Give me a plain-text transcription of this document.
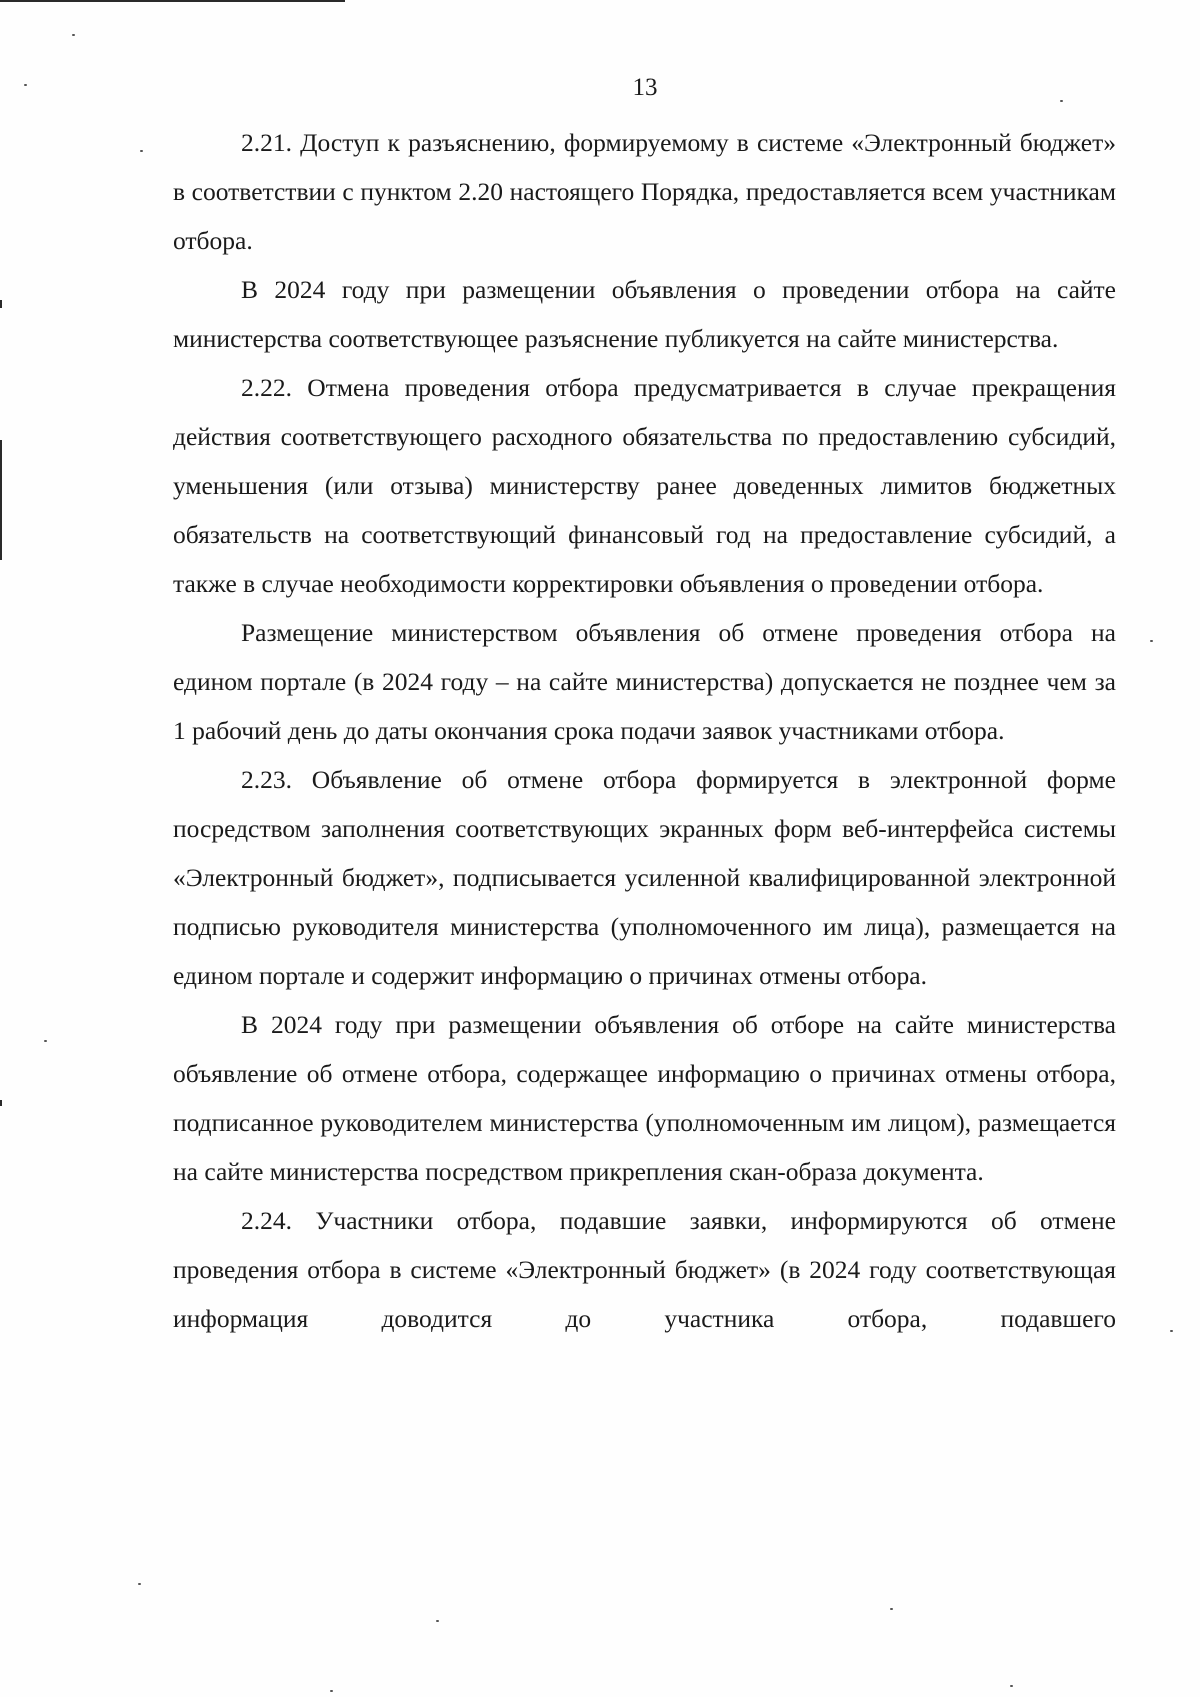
13

2.21. Доступ к разъяснению, формируемому в системе «Электронный бюджет» в соответствии с пунктом 2.20 настоящего Порядка, предоставляется всем участникам отбора.

В 2024 году при размещении объявления о проведении отбора на сайте министерства соответствующее разъяснение публикуется на сайте министерства.

2.22. Отмена проведения отбора предусматривается в случае прекращения действия соответствующего расходного обязательства по предоставлению субсидий, уменьшения (или отзыва) министерству ранее доведенных лимитов бюджетных обязательств на соответствующий финансовый год на предоставление субсидий, а также в случае необходимости корректировки объявления о проведении отбора.

Размещение министерством объявления об отмене проведения отбора на едином портале (в 2024 году – на сайте министерства) допускается не позднее чем за 1 рабочий день до даты окончания срока подачи заявок участниками отбора.

2.23. Объявление об отмене отбора формируется в электронной форме посредством заполнения соответствующих экранных форм веб-интерфейса системы «Электронный бюджет», подписывается усиленной квалифицированной электронной подписью руководителя министерства (уполномоченного им лица), размещается на едином портале и содержит информацию о причинах отмены отбора.

В 2024 году при размещении объявления об отборе на сайте министерства объявление об отмене отбора, содержащее информацию о причинах отмены отбора, подписанное руководителем министерства (уполномоченным им лицом), размещается на сайте министерства посредством прикрепления скан-образа документа.

2.24. Участники отбора, подавшие заявки, информируются об отмене проведения отбора в системе «Электронный бюджет» (в 2024 году соответствующая информация доводится до участника отбора, подавшего
